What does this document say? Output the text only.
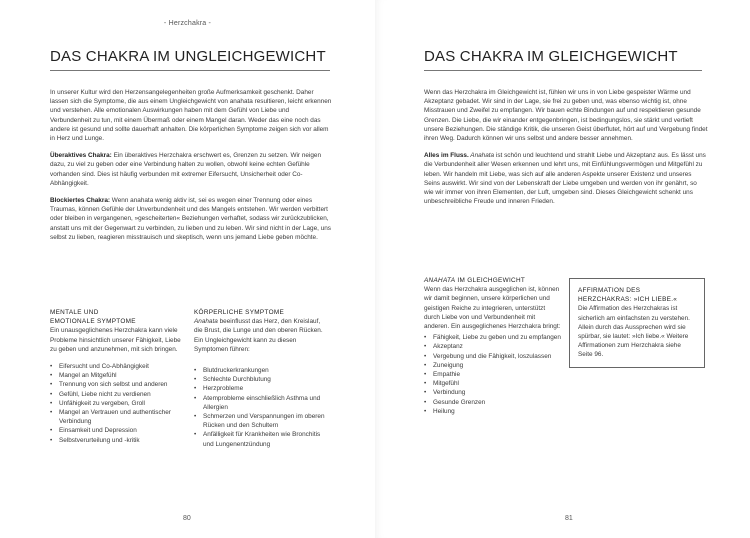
- Herzchakra -
DAS CHAKRA IM UNGLEICHGEWICHT

In unserer Kultur wird den Herzensangelegenheiten große Aufmerksamkeit geschenkt. Daher lassen sich die Symptome, die aus einem Ungleichgewicht von anahata resultieren, leicht erkennen und verstehen. Alle emotionalen Auswirkungen haben mit dem Gefühl von Liebe und Verbundenheit zu tun, mit einem Übermaß oder einem Mangel daran. Weder das eine noch das andere ist gesund und sollte dauerhaft anhalten. Die körperlichen Symptome zeigen sich vor allem in Herz und Lunge.

Überaktives Chakra: Ein überaktives Herzchakra erschwert es, Grenzen zu setzen. Wir neigen dazu, zu viel zu geben oder eine Verbindung halten zu wollen, obwohl keine echten Gefühle vorhanden sind. Dies ist häufig verbunden mit extremer Eifersucht, Unsicherheit oder Co-Abhängigkeit.

Blockiertes Chakra: Wenn anahata wenig aktiv ist, sei es wegen einer Trennung oder eines Traumas, können Gefühle der Unverbundenheit und des Mangels entstehen. Wir werden verbittert oder bleiben in vergangenen, »gescheiterten« Beziehungen verhaftet, sodass wir zurückzublicken, anstatt uns mit der Gegenwart zu verbinden, zu lieben und zu leben. Wir sind nicht in der Lage, uns selbst zu lieben, reagieren misstrauisch und skeptisch, wenn uns jemand Liebe geben möchte.

MENTALE UND
EMOTIONALE SYMPTOME
Ein unausgeglichenes Herzchakra kann viele Probleme hinsichtlich unserer Fähigkeit, Liebe zu geben und anzunehmen, mit sich bringen.
• Eifersucht und Co-Abhängigkeit
• Mangel an Mitgefühl
• Trennung von sich selbst und anderen
• Gefühl, Liebe nicht zu verdienen
• Unfähigkeit zu vergeben, Groll
• Mangel an Vertrauen und authentischer Verbindung
• Einsamkeit und Depression
• Selbstverurteilung und -kritik
KÖRPERLICHE SYMPTOME
Anahata beeinflusst das Herz, den Kreislauf, die Brust, die Lunge und den oberen Rücken. Ein Ungleichgewicht kann zu diesen Symptomen führen:
• Blutdruckerkrankungen
• Schlechte Durchblutung
• Herzprobleme
• Atemprobleme einschließlich Asthma und Allergien
• Schmerzen und Verspannungen im oberen Rücken und den Schultern
• Anfälligkeit für Krankheiten wie Bronchitis und Lungenentzündung
80
DAS CHAKRA IM GLEICHGEWICHT

Wenn das Herzchakra im Gleichgewicht ist, fühlen wir uns in von Liebe gespeister Wärme und Akzeptanz gebadet. Wir sind in der Lage, sie frei zu geben und, was ebenso wichtig ist, ohne Misstrauen und Zweifel zu empfangen. Wir bauen echte Bindungen auf und respektieren gesunde Grenzen. Die Liebe, die wir einander entgegenbringen, ist bedingungslos, sie stärkt und vertieft unsere Beziehungen. Die ständige Kritik, die unseren Geist überflutet, hört auf und Vergebung findet ihren Weg. Dadurch können wir uns selbst und andere besser annehmen.

Alles im Fluss. Anahata ist schön und leuchtend und strahlt Liebe und Akzeptanz aus. Es lässt uns die Verbundenheit aller Wesen erkennen und lehrt uns, mit Einfühlungsvermögen und Mitgefühl zu leben. Wir handeln mit Liebe, was sich auf alle anderen Aspekte unserer Existenz und unseres Seins auswirkt. Wir sind von der Lebenskraft der Liebe umgeben und werden von ihr genährt, so wie wir immer von ihren Elementen, der Luft, umgeben sind. Dieses Gleichgewicht schenkt uns unbeschreibliche Freude und inneren Frieden.

ANAHATA IM GLEICHGEWICHT
Wenn das Herzchakra ausgeglichen ist, können wir damit beginnen, unsere körperlichen und geistigen Reiche zu integrieren, unterstützt durch Liebe von und Verbundenheit mit anderen. Ein ausgeglichenes Herzchakra bringt:
• Fähigkeit, Liebe zu geben und zu empfangen
• Akzeptanz
• Vergebung und die Fähigkeit, loszulassen
• Zuneigung
• Empathie
• Mitgefühl
• Verbindung
• Gesunde Grenzen
• Heilung
AFFIRMATION DES
HERZCHAKRAS: »ICH LIEBE.«
Die Affirmation des Herzchakras ist sicherlich am einfachsten zu verstehen. Allein durch das Aussprechen wird sie spürbar, sie lautet: »Ich liebe.« Weitere Affirmationen zum Herzchakra siehe Seite 96.
81
